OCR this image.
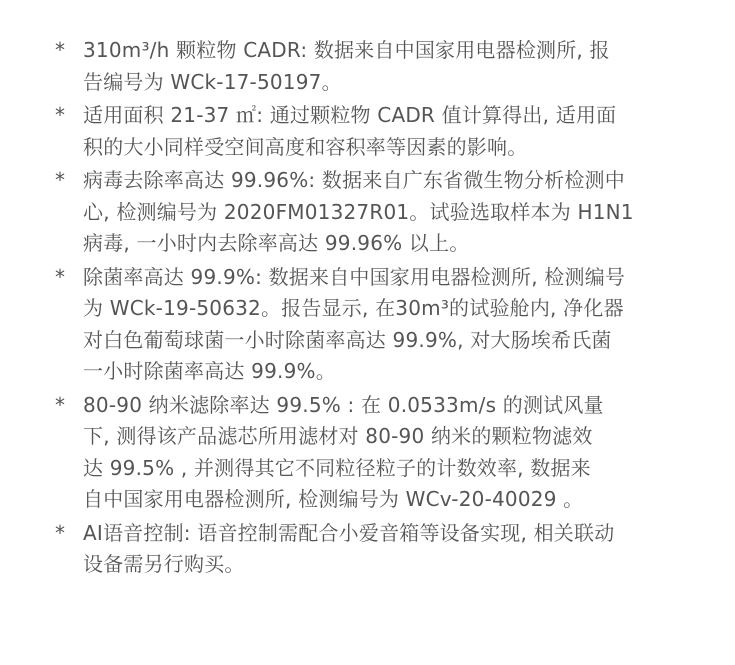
* 310m³/h 颗粒物 CADR: 数据来自中国家用电器检测所, 报
告编号为 WCk-17-50197。
* 适用面积 21-37 ㎡: 通过颗粒物 CADR 值计算得出, 适用面
积的大小同样受空间高度和容积率等因素的影响。
* 病毒去除率高达 99.96%: 数据来自广东省微生物分析检测中
心, 检测编号为 2020FM01327R01。试验选取样本为 H1N1
病毒, 一小时内去除率高达 99.96% 以上。
* 除菌率高达 99.9%: 数据来自中国家用电器检测所, 检测编号
为 WCk-19-50632。报告显示, 在30m³的试验舱内, 净化器
对白色葡萄球菌一小时除菌率高达 99.9%, 对大肠埃希氏菌
一小时除菌率高达 99.9%。
* 80-90 纳米滤除率达 99.5% : 在 0.0533m/s 的测试风量
下, 测得该产品滤芯所用滤材对 80-90 纳米的颗粒物滤效
达 99.5% , 并测得其它不同粒径粒子的计数效率, 数据来
自中国家用电器检测所, 检测编号为 WCv-20-40029 。
* AI语音控制: 语音控制需配合小爱音箱等设备实现, 相关联动
设备需另行购买。
